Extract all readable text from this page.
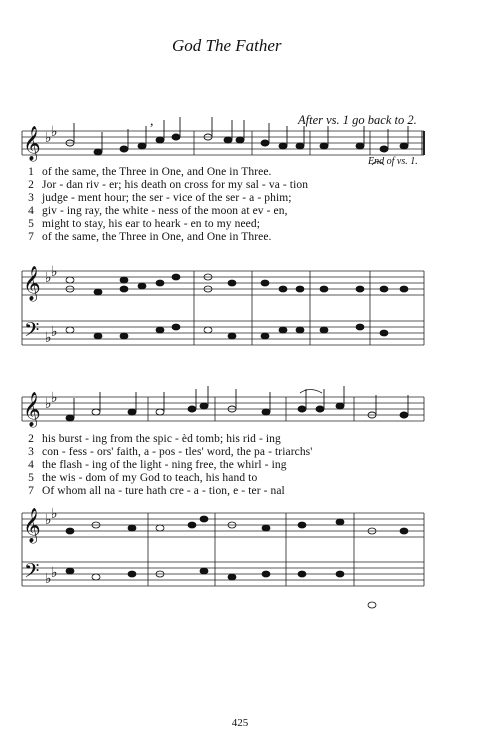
God The Father
After vs. 1 go back to 2.
End of vs. 1.
𝄞 ♭ ♭
𝄞 ♭ ♭
𝄢 ♭ ♭
𝄞 ♭ ♭
𝄞 ♭ ♭
𝄢 ♭ ♭
,
1 of the same, the Three in One, and One in Three.
2 Jor - dan riv - er; his death on cross for my sal - va - tion
3 judge - ment hour; the ser - vice of the ser - a - phim;
4 giv - ing ray, the white - ness of the moon at ev - en,
5 might to stay, his ear to heark - en to my need;
7 of the same, the Three in One, and One in Three.
2 his burst - ing from the spic - èd tomb; his rid - ing
3 con - fess - ors' faith, a - pos - tles' word, the pa - triarchs'
4 the flash - ing of the light - ning free, the whirl - ing
5 the wis - dom of my God to teach, his hand to
7 Of whom all na - ture hath cre - a - tion, e - ter - nal
425
